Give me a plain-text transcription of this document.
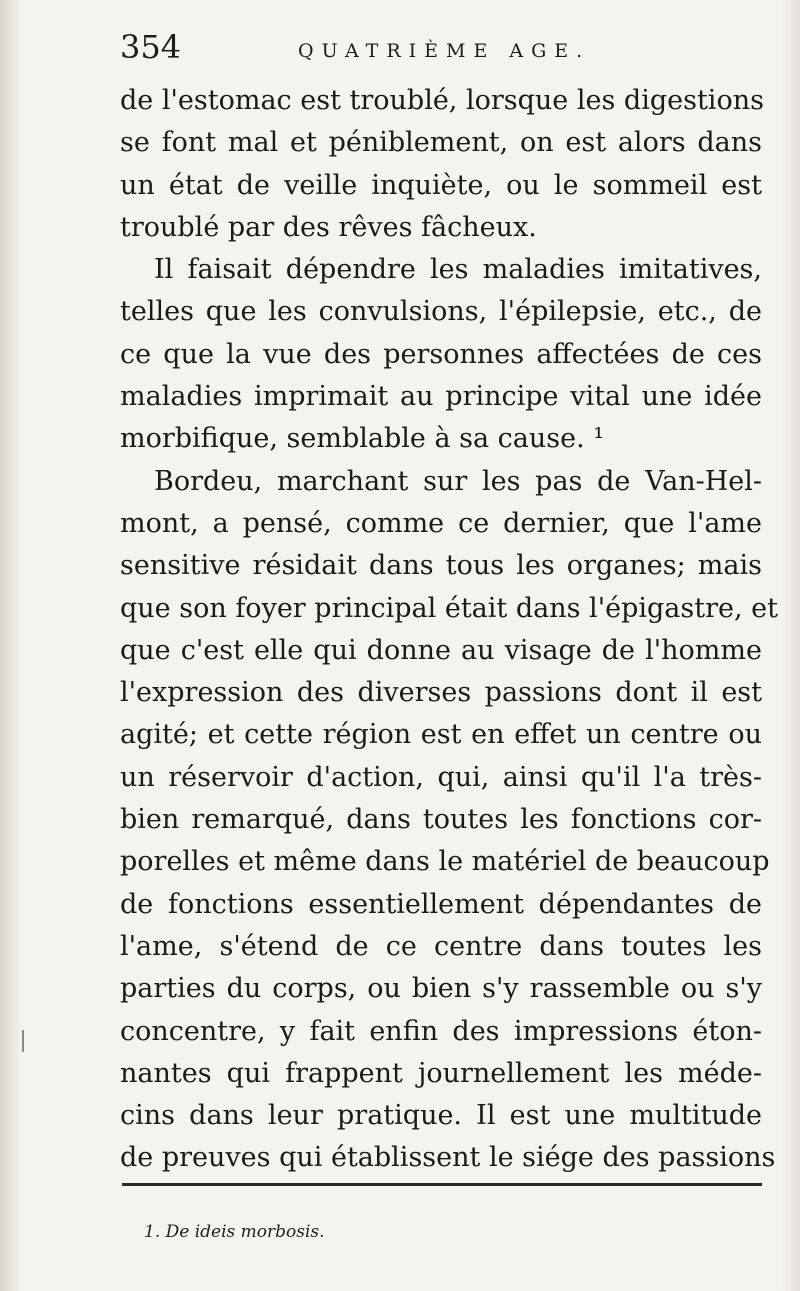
354	QUATRIÈME AGE.
de l'estomac est troublé, lorsque les digestions
se font mal et péniblement, on est alors dans
un état de veille inquiète, ou le sommeil est
troublé par des rêves fâcheux.
Il faisait dépendre les maladies imitatives,
telles que les convulsions, l'épilepsie, etc., de
ce que la vue des personnes affectées de ces
maladies imprimait au principe vital une idée
morbifique, semblable à sa cause. ¹
Bordeu, marchant sur les pas de Van-Hel-
mont, a pensé, comme ce dernier, que l'ame
sensitive résidait dans tous les organes; mais
que son foyer principal était dans l'épigastre, et
que c'est elle qui donne au visage de l'homme
l'expression des diverses passions dont il est
agité; et cette région est en effet un centre ou
un réservoir d'action, qui, ainsi qu'il l'a très-
bien remarqué, dans toutes les fonctions cor-
porelles et même dans le matériel de beaucoup
de fonctions essentiellement dépendantes de
l'ame, s'étend de ce centre dans toutes les
parties du corps, ou bien s'y rassemble ou s'y
concentre, y fait enfin des impressions éton-
nantes qui frappent journellement les méde-
cins dans leur pratique. Il est une multitude
de preuves qui établissent le siége des passions
1. De ideis morbosis.
